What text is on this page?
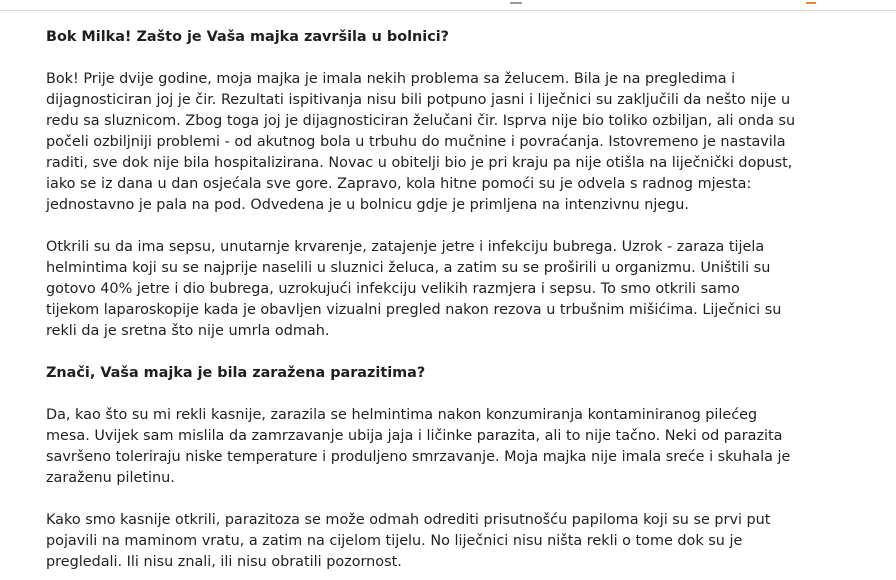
Bok Milka! Zašto je Vaša majka završila u bolnici?

Bok! Prije dvije godine, moja majka je imala nekih problema sa želucem. Bila je na pregledima i
dijagnosticiran joj je čir. Rezultati ispitivanja nisu bili potpuno jasni i liječnici su zaključili da nešto nije u
redu sa sluznicom. Zbog toga joj je dijagnosticiran želučani čir. Isprva nije bio toliko ozbiljan, ali onda su
počeli ozbiljniji problemi - od akutnog bola u trbuhu do mučnine i povraćanja. Istovremeno je nastavila
raditi, sve dok nije bila hospitalizirana. Novac u obitelji bio je pri kraju pa nije otišla na liječnički dopust,
iako se iz dana u dan osjećala sve gore. Zapravo, kola hitne pomoći su je odvela s radnog mjesta:
jednostavno je pala na pod. Odvedena je u bolnicu gdje je primljena na intenzivnu njegu.

Otkrili su da ima sepsu, unutarnje krvarenje, zatajenje jetre i infekciju bubrega. Uzrok - zaraza tijela
helmintima koji su se najprije naselili u sluznici želuca, a zatim su se proširili u organizmu. Uništili su
gotovo 40% jetre i dio bubrega, uzrokujući infekciju velikih razmjera i sepsu. To smo otkrili samo
tijekom laparoskopije kada je obavljen vizualni pregled nakon rezova u trbušnim mišićima. Liječnici su
rekli da je sretna što nije umrla odmah.

Znači, Vaša majka je bila zaražena parazitima?

Da, kao što su mi rekli kasnije, zarazila se helmintima nakon konzumiranja kontaminiranog pilećeg
mesa. Uvijek sam mislila da zamrzavanje ubija jaja i ličinke parazita, ali to nije tačno. Neki od parazita
savršeno toleriraju niske temperature i produljeno smrzavanje. Moja majka nije imala sreće i skuhala je
zaraženu piletinu.

Kako smo kasnije otkrili, parazitoza se može odmah odrediti prisutnošću papiloma koji su se prvi put
pojavili na maminom vratu, a zatim na cijelom tijelu. No liječnici nisu ništa rekli o tome dok su je
pregledali. Ili nisu znali, ili nisu obratili pozornost.
